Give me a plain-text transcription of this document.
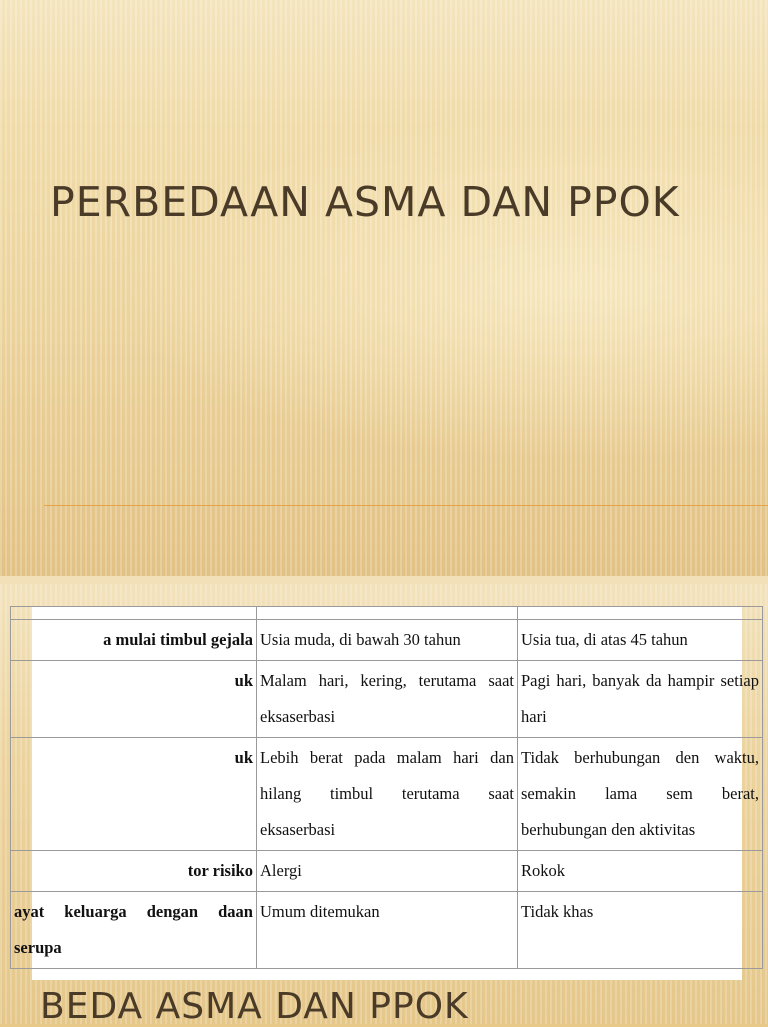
PERBEDAAN ASMA DAN PPOK

a mulai timbul gejala	Usia muda, di bawah 30 tahun	Usia tua, di atas 45 tahun
uk	Malam hari, kering, terutama saat eksaserbasi	Pagi hari, banyak da hampir setiap hari
uk	Lebih berat pada malam hari dan hilang timbul terutama saat eksaserbasi	Tidak berhubungan den waktu, semakin lama sem berat, berhubungan den aktivitas
tor risiko	Alergi	Rokok
ayat keluarga dengan daan serupa	Umum ditemukan	Tidak khas
BEDA ASMA DAN PPOK
